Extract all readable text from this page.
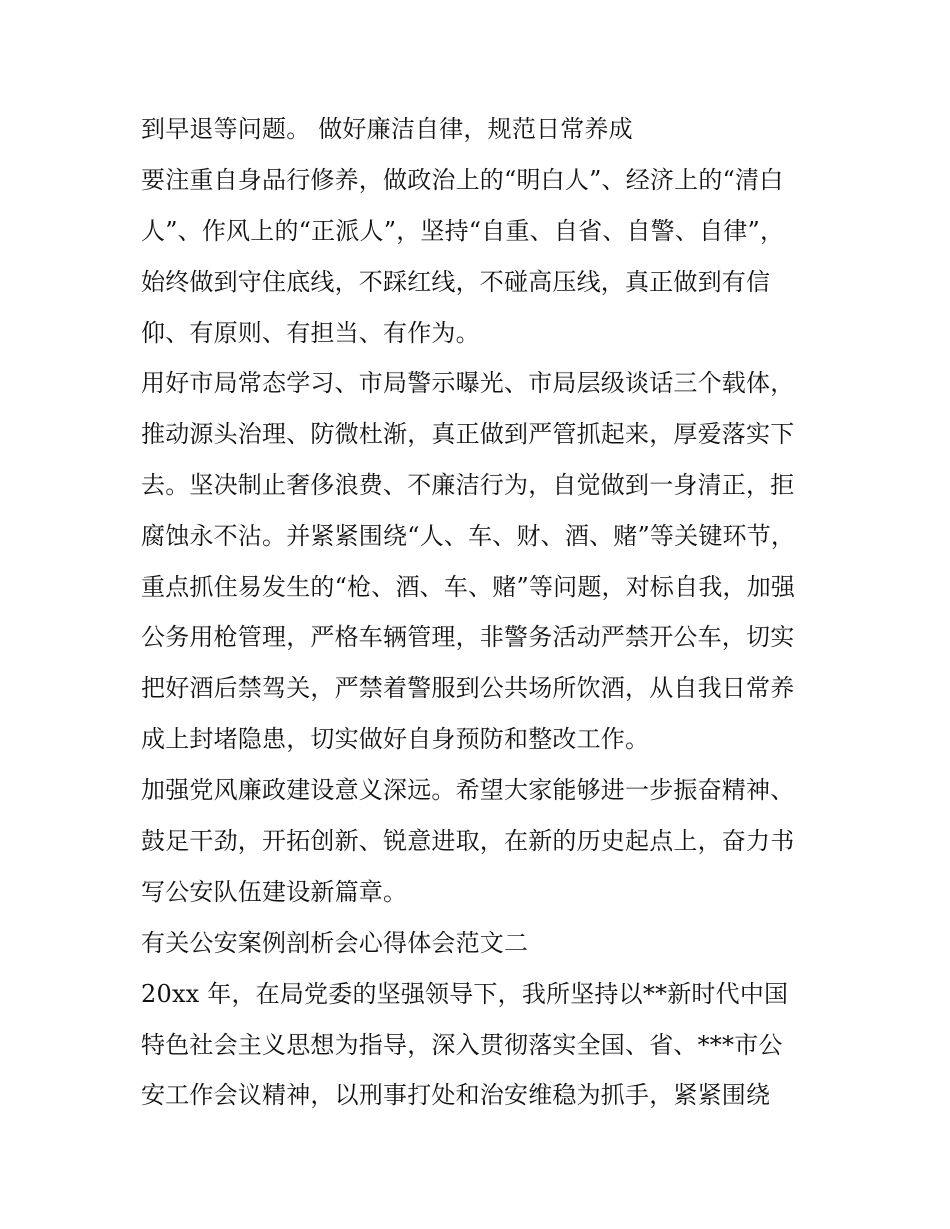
到早退等问题。 做好廉洁自律，规范日常养成
要注重自身品行修养，做政治上的“明白人”、经济上的“清白
人”、作风上的“正派人”，坚持“自重、自省、自警、自律”，
始终做到守住底线，不踩红线，不碰高压线，真正做到有信
仰、有原则、有担当、有作为。
用好市局常态学习、市局警示曝光、市局层级谈话三个载体，
推动源头治理、防微杜渐，真正做到严管抓起来，厚爱落实下
去。坚决制止奢侈浪费、不廉洁行为，自觉做到一身清正，拒
腐蚀永不沾。并紧紧围绕“人、车、财、酒、赌”等关键环节，
重点抓住易发生的“枪、酒、车、赌”等问题，对标自我，加强
公务用枪管理，严格车辆管理，非警务活动严禁开公车，切实
把好酒后禁驾关，严禁着警服到公共场所饮酒，从自我日常养
成上封堵隐患，切实做好自身预防和整改工作。
加强党风廉政建设意义深远。希望大家能够进一步振奋精神、
鼓足干劲，开拓创新、锐意进取，在新的历史起点上，奋力书
写公安队伍建设新篇章。
有关公安案例剖析会心得体会范文二
20xx 年，在局党委的坚强领导下，我所坚持以**新时代中国
特色社会主义思想为指导，深入贯彻落实全国、省、***市公
安工作会议精神，以刑事打处和治安维稳为抓手，紧紧围绕
